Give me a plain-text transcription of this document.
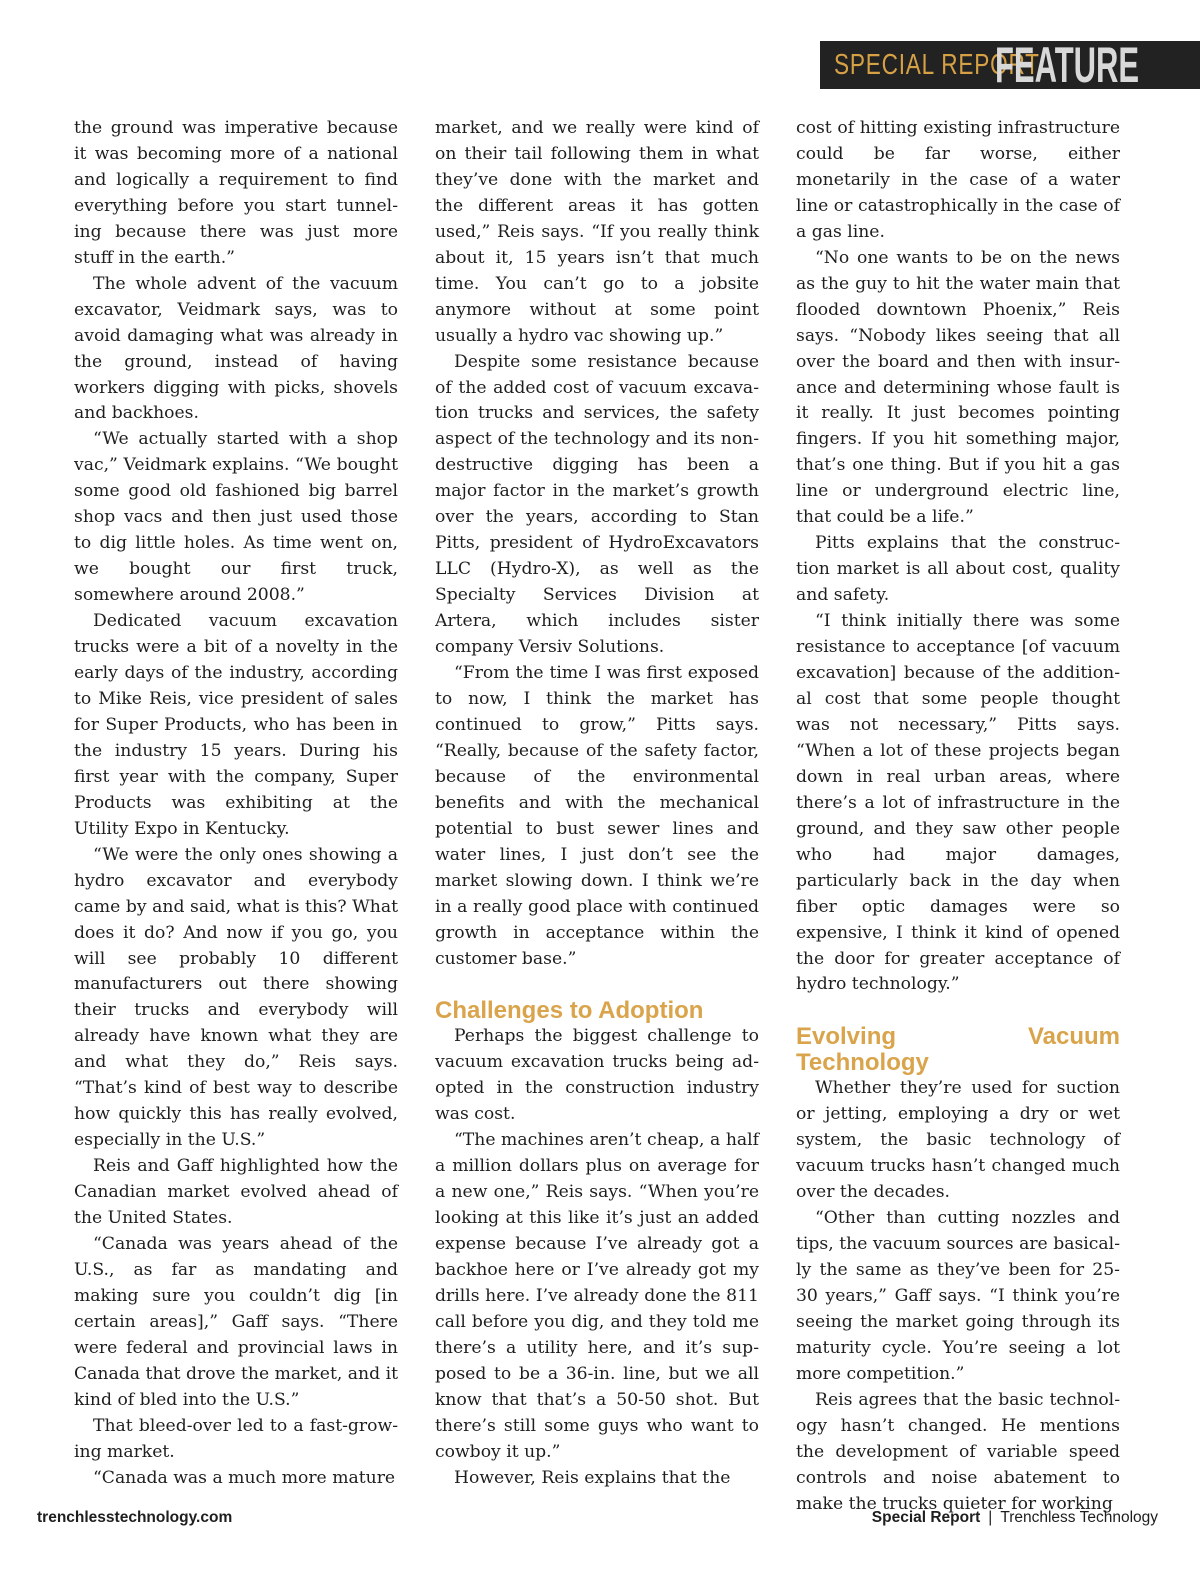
SPECIAL REPORT
FEATURE

the ground was imperative because it was becoming more of a national and logically a requirement to find everything before you start tunneling because there was just more stuff in the earth.”

The whole advent of the vacuum excavator, Veidmark says, was to avoid damaging what was already in the ground, instead of having workers digging with picks, shovels and backhoes.

“We actually started with a shop vac,” Veidmark explains. “We bought some good old fashioned big barrel shop vacs and then just used those to dig little holes. As time went on, we bought our first truck, somewhere around 2008.”

Dedicated vacuum excavation trucks were a bit of a novelty in the early days of the industry, according to Mike Reis, vice president of sales for Super Products, who has been in the industry 15 years. During his first year with the company, Super Products was exhibiting at the Utility Expo in Kentucky.

“We were the only ones showing a hydro excavator and everybody came by and said, what is this? What does it do? And now if you go, you will see probably 10 different manufacturers out there showing their trucks and everybody will already have known what they are and what they do,” Reis says. “That’s kind of best way to describe how quickly this has really evolved, especially in the U.S.”

Reis and Gaff highlighted how the Canadian market evolved ahead of the United States.

“Canada was years ahead of the U.S., as far as mandating and making sure you couldn’t dig [in certain areas],” Gaff says. “There were federal and provincial laws in Canada that drove the market, and it kind of bled into the U.S.”

That bleed-over led to a fast-growing market.

“Canada was a much more mature

market, and we really were kind of on their tail following them in what they’ve done with the market and the different areas it has gotten used,” Reis says. “If you really think about it, 15 years isn’t that much time. You can’t go to a jobsite anymore without at some point usually a hydro vac showing up.”

Despite some resistance because of the added cost of vacuum excavation trucks and services, the safety aspect of the technology and its non-destructive digging has been a major factor in the market’s growth over the years, according to Stan Pitts, president of HydroExcavators LLC (Hydro-X), as well as the Specialty Services Division at Artera, which includes sister company Versiv Solutions.

“From the time I was first exposed to now, I think the market has continued to grow,” Pitts says. “Really, because of the safety factor, because of the environmental benefits and with the mechanical potential to bust sewer lines and water lines, I just don’t see the market slowing down. I think we’re in a really good place with continued growth in acceptance within the customer base.”

Challenges to Adoption

Perhaps the biggest challenge to vacuum excavation trucks being adopted in the construction industry was cost.

“The machines aren’t cheap, a half a million dollars plus on average for a new one,” Reis says. “When you’re looking at this like it’s just an added expense because I’ve already got a backhoe here or I’ve already got my drills here. I’ve already done the 811 call before you dig, and they told me there’s a utility here, and it’s supposed to be a 36-in. line, but we all know that that’s a 50-50 shot. But there’s still some guys who want to cowboy it up.”

However, Reis explains that the

cost of hitting existing infrastructure could be far worse, either monetarily in the case of a water line or catastrophically in the case of a gas line.

“No one wants to be on the news as the guy to hit the water main that flooded downtown Phoenix,” Reis says. “Nobody likes seeing that all over the board and then with insurance and determining whose fault is it really. It just becomes pointing fingers. If you hit something major, that’s one thing. But if you hit a gas line or underground electric line, that could be a life.”

Pitts explains that the construction market is all about cost, quality and safety.

“I think initially there was some resistance to acceptance [of vacuum excavation] because of the additional cost that some people thought was not necessary,” Pitts says. “When a lot of these projects began down in real urban areas, where there’s a lot of infrastructure in the ground, and they saw other people who had major damages, particularly back in the day when fiber optic damages were so expensive, I think it kind of opened the door for greater acceptance of hydro technology.”

Evolving Vacuum Technology

Whether they’re used for suction or jetting, employing a dry or wet system, the basic technology of vacuum trucks hasn’t changed much over the decades.

“Other than cutting nozzles and tips, the vacuum sources are basically the same as they’ve been for 25-30 years,” Gaff says. “I think you’re seeing the market going through its maturity cycle. You’re seeing a lot more competition.”

Reis agrees that the basic technology hasn’t changed. He mentions the development of variable speed controls and noise abatement to make the trucks quieter for working

trenchlesstechnology.com	Special Report | Trenchless Technology
